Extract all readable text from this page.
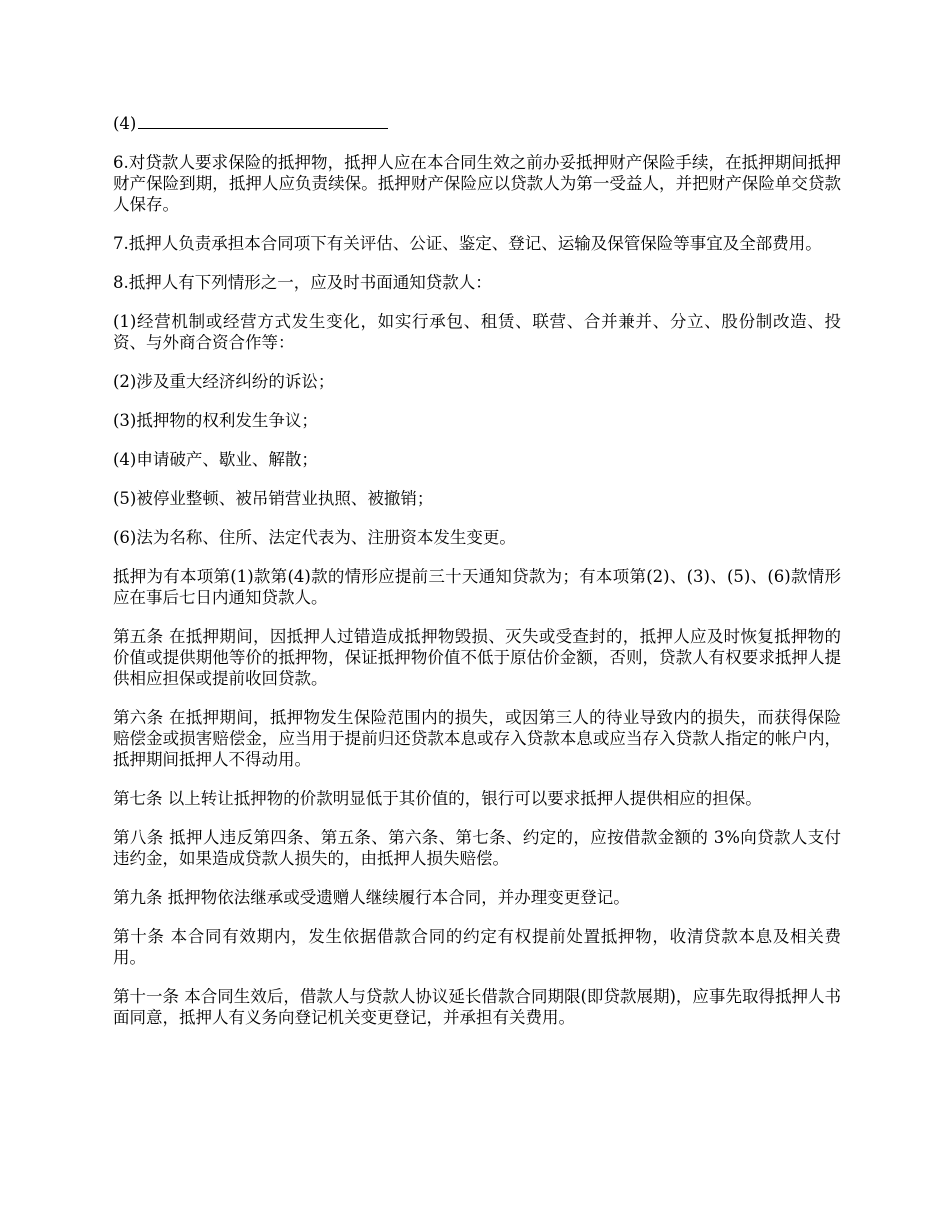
(4)

6.对贷款人要求保险的抵押物，抵押人应在本合同生效之前办妥抵押财产保险手续，在抵押期间抵押财产保险到期，抵押人应负责续保。抵押财产保险应以贷款人为第一受益人，并把财产保险单交贷款人保存。

7.抵押人负责承担本合同项下有关评估、公证、鉴定、登记、运输及保管保险等事宜及全部费用。

8.抵押人有下列情形之一，应及时书面通知贷款人：

(1)经营机制或经营方式发生变化，如实行承包、租赁、联营、合并兼并、分立、股份制改造、投资、与外商合资合作等：

(2)涉及重大经济纠纷的诉讼；

(3)抵押物的权利发生争议；

(4)申请破产、歇业、解散；

(5)被停业整顿、被吊销营业执照、被撤销；

(6)法为名称、住所、法定代表为、注册资本发生变更。

抵押为有本项第(1)款第(4)款的情形应提前三十天通知贷款为；有本项第(2)、(3)、(5)、(6)款情形应在事后七日内通知贷款人。

第五条 在抵押期间，因抵押人过错造成抵押物毁损、灭失或受查封的，抵押人应及时恢复抵押物的价值或提供期他等价的抵押物，保证抵押物价值不低于原估价金额，否则，贷款人有权要求抵押人提供相应担保或提前收回贷款。

第六条 在抵押期间，抵押物发生保险范围内的损失，或因第三人的待业导致内的损失，而获得保险赔偿金或损害赔偿金，应当用于提前归还贷款本息或存入贷款本息或应当存入贷款人指定的帐户内，抵押期间抵押人不得动用。

第七条 以上转让抵押物的价款明显低于其价值的，银行可以要求抵押人提供相应的担保。

第八条 抵押人违反第四条、第五条、第六条、第七条、约定的，应按借款金额的 3%向贷款人支付违约金，如果造成贷款人损失的，由抵押人损失赔偿。

第九条 抵押物依法继承或受遗赠人继续履行本合同，并办理变更登记。

第十条 本合同有效期内，发生依据借款合同的约定有权提前处置抵押物，收清贷款本息及相关费用。

第十一条 本合同生效后，借款人与贷款人协议延长借款合同期限(即贷款展期)，应事先取得抵押人书面同意，抵押人有义务向登记机关变更登记，并承担有关费用。
